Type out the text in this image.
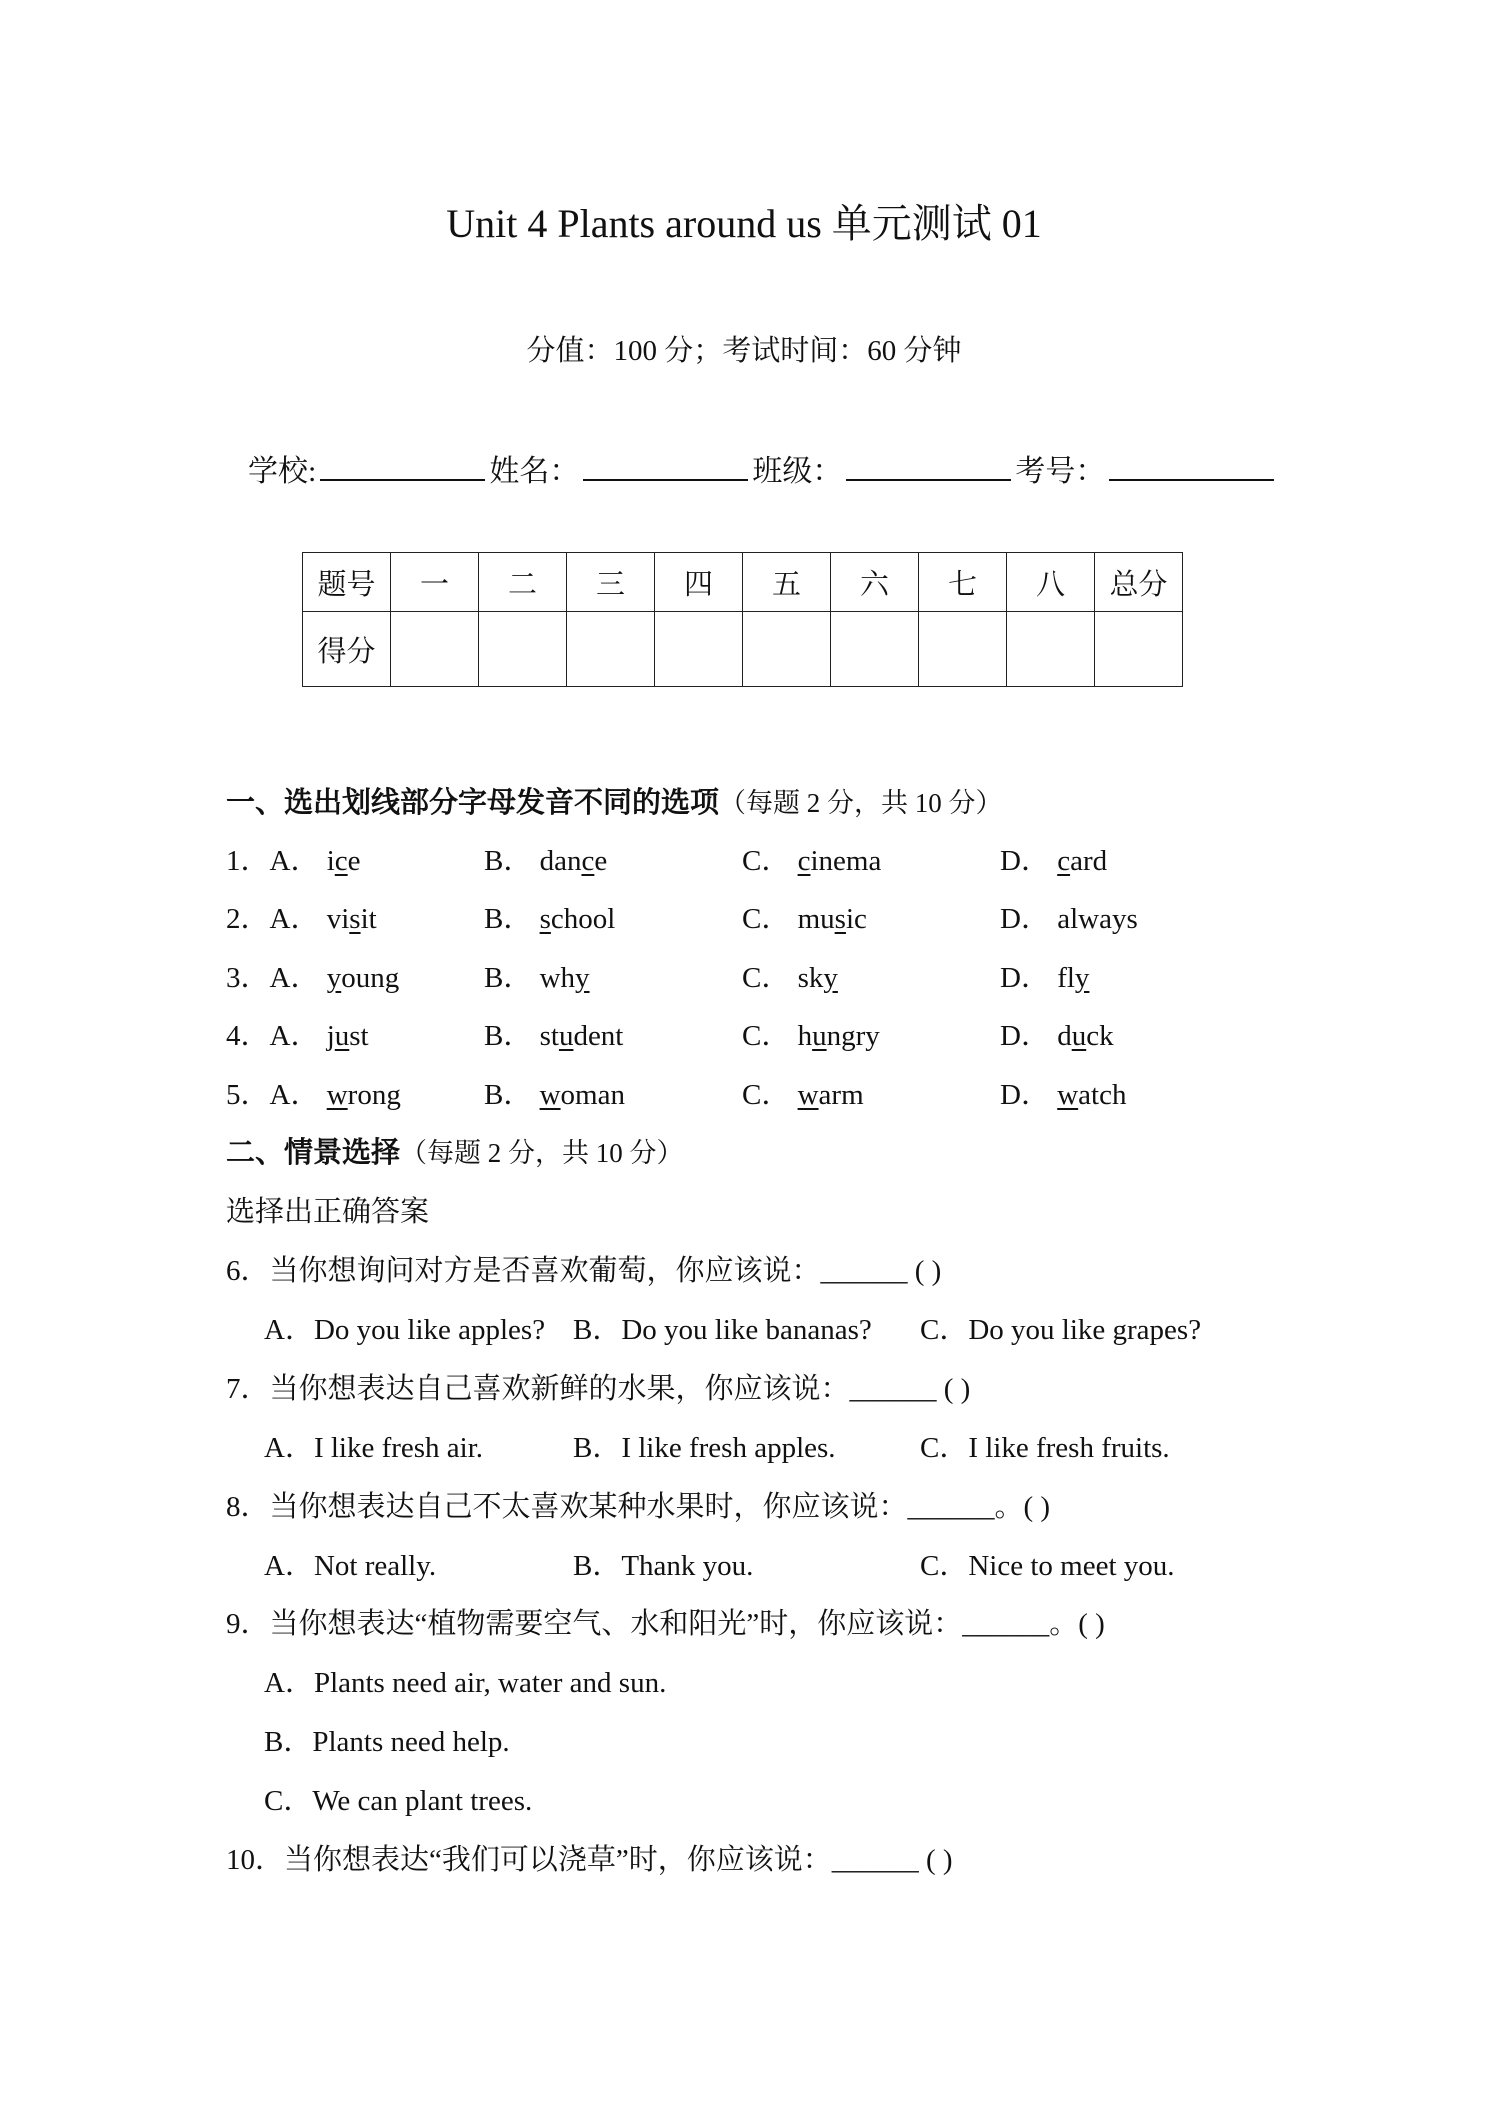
Unit 4 Plants around us 单元测试 01
分值：100 分；考试时间：60 分钟
学校:	姓名：	班级：	考号：
题号	一	二	三	四	五	六	七	八	总分
得分									
一、选出划线部分字母发音不同的选项（每题 2 分，共 10 分）
1．A． ice	B． dance	C． cinema	D． card
2．A． visit	B． school	C． music	D． always
3．A． young	B． why	C． sky	D． fly
4．A． just	B． student	C． hungry	D． duck
5．A． wrong	B． woman	C． warm	D． watch
二、情景选择（每题 2 分，共 10 分）
选择出正确答案
6．当你想询问对方是否喜欢葡萄，你应该说：______ ( )
A．Do you like apples? B．Do you like bananas? C．Do you like grapes?
7．当你想表达自己喜欢新鲜的水果，你应该说：______ ( )
A．I like fresh air.	B．I like fresh apples.	C．I like fresh fruits.
8．当你想表达自己不太喜欢某种水果时，你应该说：______。( )
A．Not really.	B．Thank you.	C．Nice to meet you.
9．当你想表达“植物需要空气、水和阳光”时，你应该说：______。( )
A．Plants need air, water and sun.
B．Plants need help.
C．We can plant trees.
10．当你想表达“我们可以浇草”时，你应该说：______ ( )
